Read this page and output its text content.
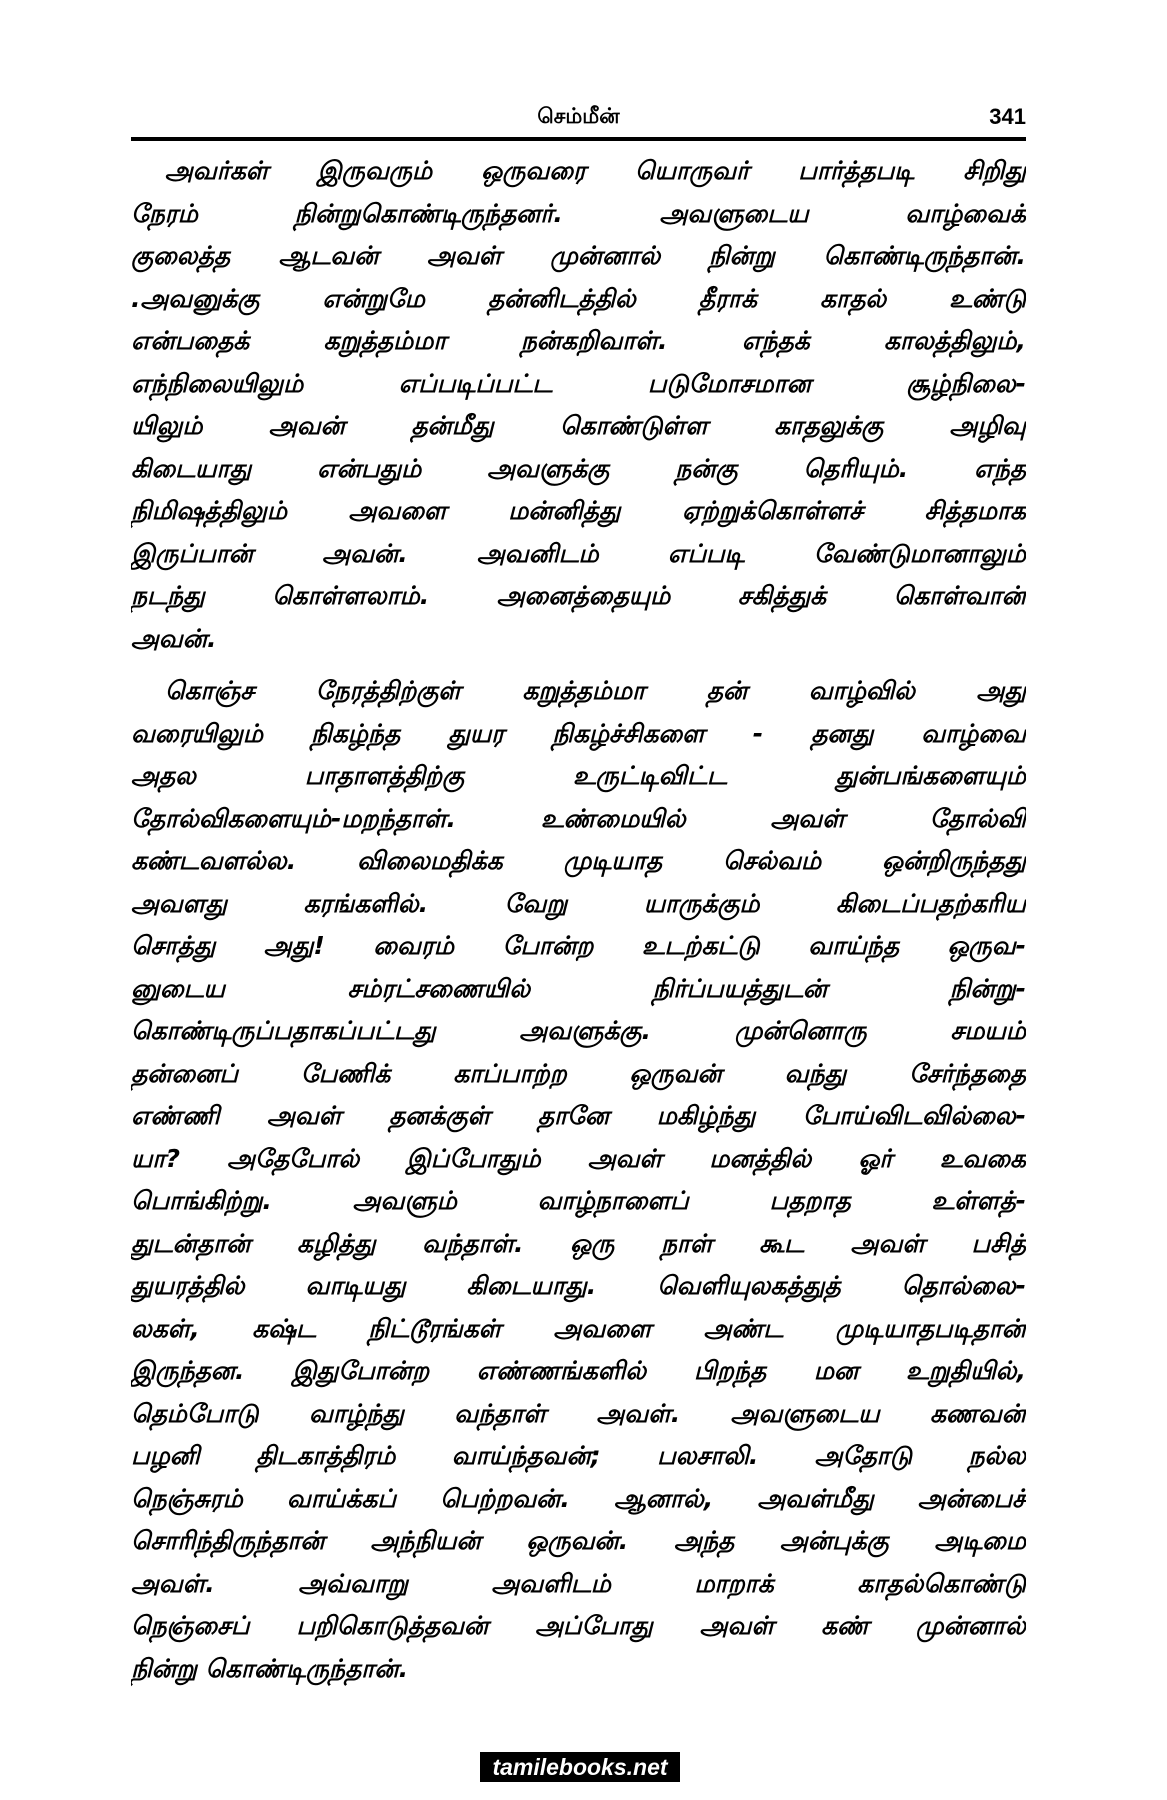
செம்மீன்	341
அவர்கள் இருவரும் ஒருவரை யொருவர் பார்த்தபடி சிறிது
நேரம் நின்றுகொண்டிருந்தனர். அவளுடைய வாழ்வைக்
குலைத்த ஆடவன் அவள் முன்னால் நின்று கொண்டிருந்தான்.
.அவனுக்கு என்றுமே தன்னிடத்தில் தீராக் காதல் உண்டு
என்பதைக் கறுத்தம்மா நன்கறிவாள். எந்தக் காலத்திலும்,
எந்நிலையிலும் எப்படிப்பட்ட படுமோசமான சூழ்நிலை-
யிலும் அவன் தன்மீது கொண்டுள்ள காதலுக்கு அழிவு
கிடையாது என்பதும் அவளுக்கு நன்கு தெரியும். எந்த
நிமிஷத்திலும் அவளை மன்னித்து ஏற்றுக்கொள்ளச் சித்தமாக
இருப்பான் அவன். அவனிடம் எப்படி வேண்டுமானாலும்
நடந்து கொள்ளலாம். அனைத்தையும் சகித்துக் கொள்வான்
அவன்.
கொஞ்ச நேரத்திற்குள் கறுத்தம்மா தன் வாழ்வில் அது
வரையிலும் நிகழ்ந்த துயர நிகழ்ச்சிகளை - தனது வாழ்வை
அதல பாதாளத்திற்கு உருட்டிவிட்ட துன்பங்களையும்
தோல்விகளையும்-மறந்தாள். உண்மையில் அவள் தோல்வி
கண்டவளல்ல. விலைமதிக்க முடியாத செல்வம் ஒன்றிருந்தது
அவளது கரங்களில். வேறு யாருக்கும் கிடைப்பதற்கரிய
சொத்து அது! வைரம் போன்ற உடற்கட்டு வாய்ந்த ஒருவ-
னுடைய சம்ரட்சணையில் நிர்ப்பயத்துடன் நின்று-
கொண்டிருப்பதாகப்பட்டது அவளுக்கு. முன்னொரு சமயம்
தன்னைப் பேணிக் காப்பாற்ற ஒருவன் வந்து சேர்ந்ததை
எண்ணி அவள் தனக்குள் தானே மகிழ்ந்து போய்விடவில்லை-
யா? அதேபோல் இப்போதும் அவள் மனத்தில் ஓர் உவகை
பொங்கிற்று. அவளும் வாழ்நாளைப் பதறாத உள்ளத்-
துடன்தான் கழித்து வந்தாள். ஒரு நாள் கூட அவள் பசித்
துயரத்தில் வாடியது கிடையாது. வெளியுலகத்துத் தொல்லை-
லகள், கஷ்ட நிட்டூரங்கள் அவளை அண்ட முடியாதபடிதான்
இருந்தன. இதுபோன்ற எண்ணங்களில் பிறந்த மன உறுதியில்,
தெம்போடு வாழ்ந்து வந்தாள் அவள். அவளுடைய கணவன்
பழனி திடகாத்திரம் வாய்ந்தவன்; பலசாலி. அதோடு நல்ல
நெஞ்சுரம் வாய்க்கப் பெற்றவன். ஆனால், அவள்மீது அன்பைச்
சொரிந்திருந்தான் அந்நியன் ஒருவன். அந்த அன்புக்கு அடிமை
அவள். அவ்வாறு அவளிடம் மாறாக் காதல்கொண்டு
நெஞ்சைப் பறிகொடுத்தவன் அப்போது அவள் கண் முன்னால்
நின்று கொண்டிருந்தான்.
tamilebooks.net
